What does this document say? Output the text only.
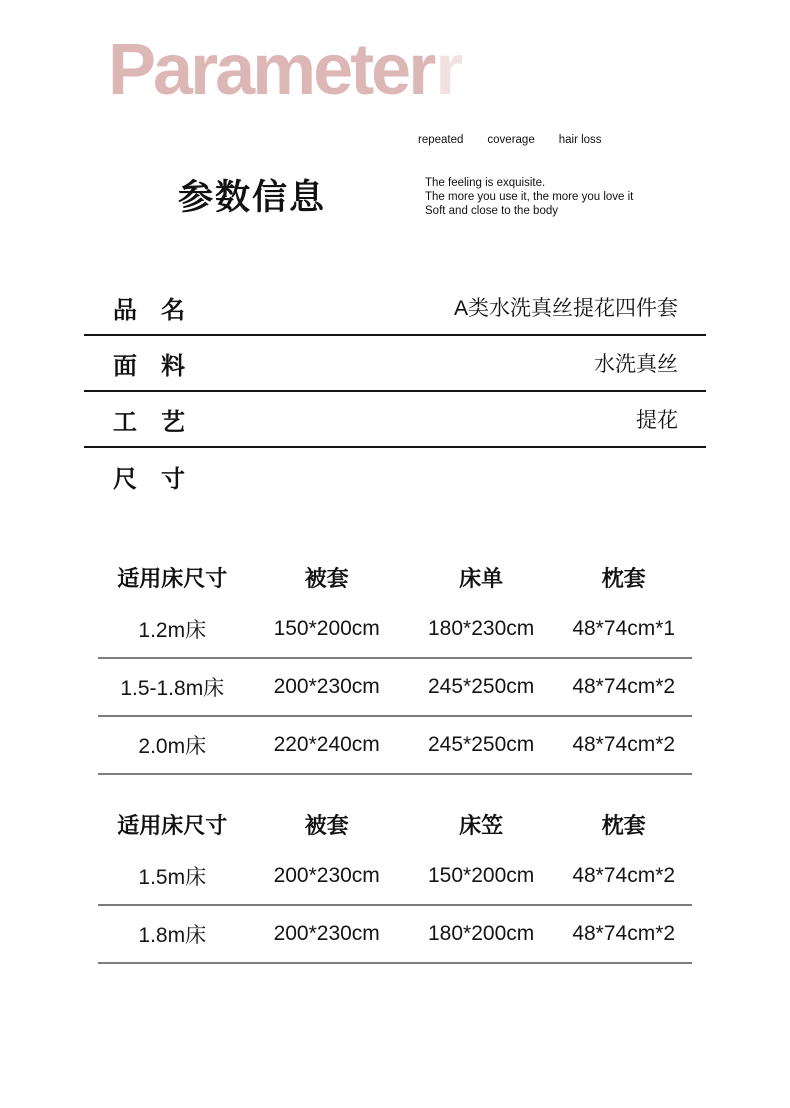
Parameterr
repeated coverage hair loss
参数信息	The feeling is exquisite.
The more you use it, the more you love it
Soft and close to the body
品　名	A类水洗真丝提花四件套
面　料	水洗真丝
工　艺	提花
尺　寸
适用床尺寸	被套	床单	枕套
1.2m床	150*200cm	180*230cm	48*74cm*1
1.5-1.8m床	200*230cm	245*250cm	48*74cm*2
2.0m床	220*240cm	245*250cm	48*74cm*2
适用床尺寸	被套	床笠	枕套
1.5m床	200*230cm	150*200cm	48*74cm*2
1.8m床	200*230cm	180*200cm	48*74cm*2
